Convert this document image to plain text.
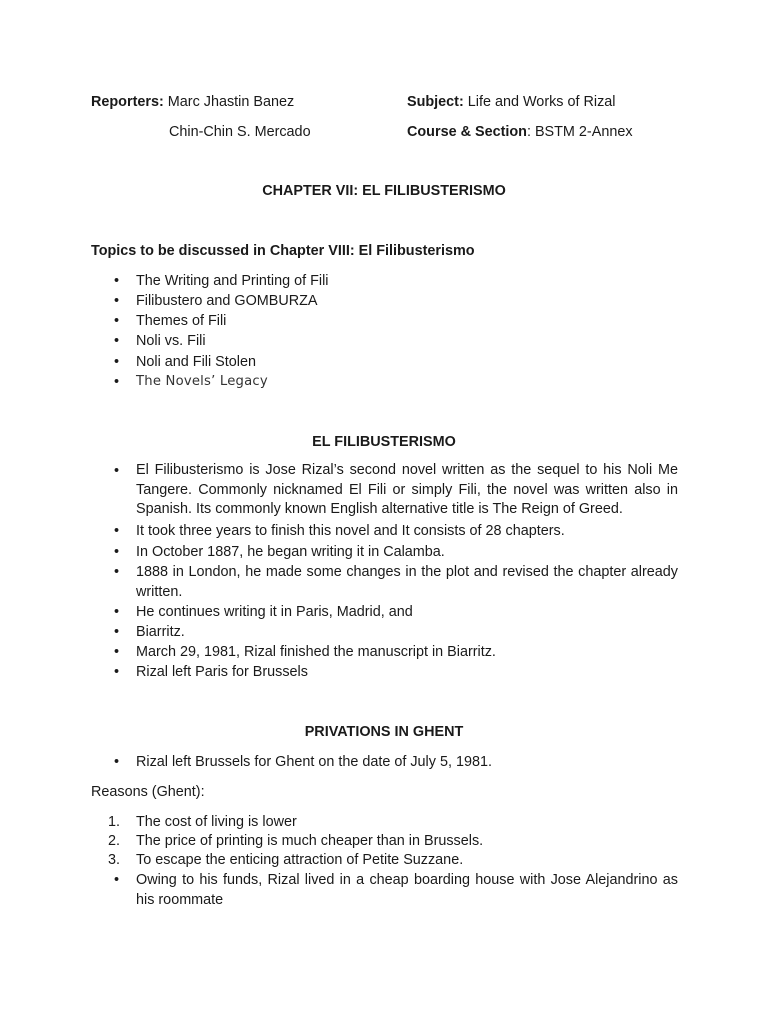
Reporters: Marc Jhastin Banez
Chin-Chin S. Mercado
Subject: Life and Works of Rizal
Course & Section: BSTM 2-Annex
CHAPTER VII: EL FILIBUSTERISMO
Topics to be discussed in Chapter VIII: El Filibusterismo
• The Writing and Printing of Fili
• Filibustero and GOMBURZA
• Themes of Fili
• Noli vs. Fili
• Noli and Fili Stolen
• The Novels’ Legacy
EL FILIBUSTERISMO
• El Filibusterismo is Jose Rizal’s second novel written as the sequel to his Noli Me Tangere. Commonly nicknamed El Fili or simply Fili, the novel was written also in Spanish. Its commonly known English alternative title is The Reign of Greed.
• It took three years to finish this novel and It consists of 28 chapters.
• In October 1887, he began writing it in Calamba.
• 1888 in London, he made some changes in the plot and revised the chapter already written.
• He continues writing it in Paris, Madrid, and
• Biarritz.
• March 29, 1981, Rizal finished the manuscript in Biarritz.
• Rizal left Paris for Brussels
PRIVATIONS IN GHENT
• Rizal left Brussels for Ghent on the date of July 5, 1981.
Reasons (Ghent):
1. The cost of living is lower
2. The price of printing is much cheaper than in Brussels.
3. To escape the enticing attraction of Petite Suzzane.
• Owing to his funds, Rizal lived in a cheap boarding house with Jose Alejandrino as his roommate
